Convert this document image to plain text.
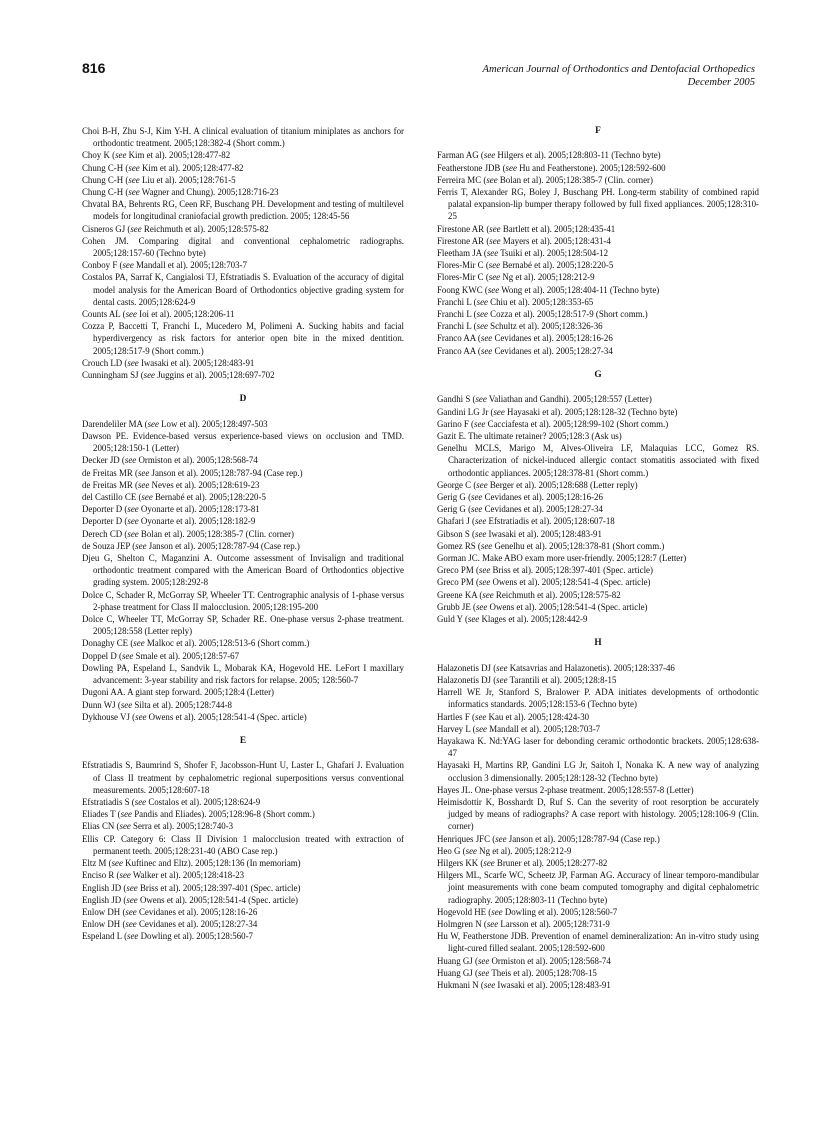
816	American Journal of Orthodontics and Dentofacial Orthopedics
December 2005

Choi B-H, Zhu S-J, Kim Y-H. A clinical evaluation of titanium miniplates as anchors for orthodontic treatment. 2005;128:382-4 (Short comm.)

Choy K (see Kim et al). 2005;128:477-82

Chung C-H (see Kim et al). 2005;128:477-82

Chung C-H (see Liu et al). 2005;128:761-5

Chung C-H (see Wagner and Chung). 2005;128:716-23

Chvatal BA, Behrents RG, Ceen RF, Buschang PH. Development and testing of multilevel models for longitudinal craniofacial growth prediction. 2005; 128:45-56

Cisneros GJ (see Reichmuth et al). 2005;128:575-82

Cohen JM. Comparing digital and conventional cephalometric radiographs. 2005;128:157-60 (Techno byte)

Conboy F (see Mandall et al). 2005;128:703-7

Costalos PA, Sarraf K, Cangialosi TJ, Efstratiadis S. Evaluation of the accuracy of digital model analysis for the American Board of Orthodontics objective grading system for dental casts. 2005;128:624-9

Counts AL (see Ioi et al). 2005;128:206-11

Cozza P, Baccetti T, Franchi L, Mucedero M, Polimeni A. Sucking habits and facial hyperdivergency as risk factors for anterior open bite in the mixed dentition. 2005;128:517-9 (Short comm.)

Crouch LD (see Iwasaki et al). 2005;128:483-91

Cunningham SJ (see Juggins et al). 2005;128:697-702

D

Darendeliler MA (see Low et al). 2005;128:497-503

Dawson PE. Evidence-based versus experience-based views on occlusion and TMD. 2005;128:150-1 (Letter)

Decker JD (see Ormiston et al). 2005;128:568-74

de Freitas MR (see Janson et al). 2005;128:787-94 (Case rep.)

de Freitas MR (see Neves et al). 2005;128:619-23

del Castillo CE (see Bernabé et al). 2005;128:220-5

Deporter D (see Oyonarte et al). 2005;128:173-81

Deporter D (see Oyonarte et al). 2005;128:182-9

Derech CD (see Bolan et al). 2005;128:385-7 (Clin. corner)

de Souza JEP (see Janson et al). 2005;128:787-94 (Case rep.)

Djeu G, Shelton C, Maganzini A. Outcome assessment of Invisalign and traditional orthodontic treatment compared with the American Board of Orthodontics objective grading system. 2005;128:292-8

Dolce C, Schader R, McGorray SP, Wheeler TT. Centrographic analysis of 1-phase versus 2-phase treatment for Class II malocclusion. 2005;128:195-200

Dolce C, Wheeler TT, McGorray SP, Schader RE. One-phase versus 2-phase treatment. 2005;128:558 (Letter reply)

Donaghy CE (see Malkoc et al). 2005;128:513-6 (Short comm.)

Doppel D (see Smale et al). 2005;128:57-67

Dowling PA, Espeland L, Sandvik L, Mobarak KA, Hogevold HE. LeFort I maxillary advancement: 3-year stability and risk factors for relapse. 2005; 128:560-7

Dugoni AA. A giant step forward. 2005;128:4 (Letter)

Dunn WJ (see Silta et al). 2005;128:744-8

Dykhouse VJ (see Owens et al). 2005;128:541-4 (Spec. article)

E

Efstratiadis S, Baumrind S, Shofer F, Jacobsson-Hunt U, Laster L, Ghafari J. Evaluation of Class II treatment by cephalometric regional superpositions versus conventional measurements. 2005;128:607-18

Efstratiadis S (see Costalos et al). 2005;128:624-9

Eliades T (see Pandis and Eliades). 2005;128:96-8 (Short comm.)

Elias CN (see Serra et al). 2005;128:740-3

Ellis CP. Category 6: Class II Division 1 malocclusion treated with extraction of permanent teeth. 2005;128:231-40 (ABO Case rep.)

Eltz M (see Kuftinec and Eltz). 2005;128:136 (In memoriam)

Enciso R (see Walker et al). 2005;128:418-23

English JD (see Briss et al). 2005;128:397-401 (Spec. article)

English JD (see Owens et al). 2005;128:541-4 (Spec. article)

Enlow DH (see Cevidanes et al). 2005;128:16-26

Enlow DH (see Cevidanes et al). 2005;128:27-34

Espeland L (see Dowling et al). 2005;128:560-7

F

Farman AG (see Hilgers et al). 2005;128:803-11 (Techno byte)

Featherstone JDB (see Hu and Featherstone). 2005;128:592-600

Ferreira MC (see Bolan et al). 2005;128:385-7 (Clin. corner)

Ferris T, Alexander RG, Boley J, Buschang PH. Long-term stability of combined rapid palatal expansion-lip bumper therapy followed by full fixed appliances. 2005;128:310-25

Firestone AR (see Bartlett et al). 2005;128:435-41

Firestone AR (see Mayers et al). 2005;128:431-4

Fleetham JA (see Tsuiki et al). 2005;128:504-12

Flores-Mir C (see Bernabé et al). 2005;128:220-5

Flores-Mir C (see Ng et al). 2005;128:212-9

Foong KWC (see Wong et al). 2005;128:404-11 (Techno byte)

Franchi L (see Chiu et al). 2005;128:353-65

Franchi L (see Cozza et al). 2005;128:517-9 (Short comm.)

Franchi L (see Schultz et al). 2005;128:326-36

Franco AA (see Cevidanes et al). 2005;128:16-26

Franco AA (see Cevidanes et al). 2005;128:27-34

G

Gandhi S (see Valiathan and Gandhi). 2005;128:557 (Letter)

Gandini LG Jr (see Hayasaki et al). 2005;128:128-32 (Techno byte)

Garino F (see Cacciafesta et al). 2005;128:99-102 (Short comm.)

Gazit E. The ultimate retainer? 2005;128:3 (Ask us)

Genelhu MCLS, Marigo M, Alves-Oliveira LF, Malaquias LCC, Gomez RS. Characterization of nickel-induced allergic contact stomatitis associated with fixed orthodontic appliances. 2005;128:378-81 (Short comm.)

George C (see Berger et al). 2005;128:688 (Letter reply)

Gerig G (see Cevidanes et al). 2005;128:16-26

Gerig G (see Cevidanes et al). 2005;128:27-34

Ghafari J (see Efstratiadis et al). 2005;128:607-18

Gibson S (see Iwasaki et al). 2005;128:483-91

Gomez RS (see Genelhu et al). 2005;128:378-81 (Short comm.)

Gorman JC. Make ABO exam more user-friendly. 2005;128:7 (Letter)

Greco PM (see Briss et al). 2005;128:397-401 (Spec. article)

Greco PM (see Owens et al). 2005;128:541-4 (Spec. article)

Greene KA (see Reichmuth et al). 2005;128:575-82

Grubb JE (see Owens et al). 2005;128:541-4 (Spec. article)

Guld Y (see Klages et al). 2005;128:442-9

H

Halazonetis DJ (see Katsavrias and Halazonetis). 2005;128:337-46

Halazonetis DJ (see Tarantili et al). 2005;128:8-15

Harrell WE Jr, Stanford S, Bralower P. ADA initiates developments of orthodontic informatics standards. 2005;128:153-6 (Techno byte)

Hartles F (see Kau et al). 2005;128:424-30

Harvey L (see Mandall et al). 2005;128:703-7

Hayakawa K. Nd:YAG laser for debonding ceramic orthodontic brackets. 2005;128:638-47

Hayasaki H, Martins RP, Gandini LG Jr, Saitoh I, Nonaka K. A new way of analyzing occlusion 3 dimensionally. 2005;128:128-32 (Techno byte)

Hayes JL. One-phase versus 2-phase treatment. 2005;128:557-8 (Letter)

Heimisdottir K, Bosshardt D, Ruf S. Can the severity of root resorption be accurately judged by means of radiographs? A case report with histology. 2005;128:106-9 (Clin. corner)

Henriques JFC (see Janson et al). 2005;128:787-94 (Case rep.)

Heo G (see Ng et al). 2005;128:212-9

Hilgers KK (see Bruner et al). 2005;128:277-82

Hilgers ML, Scarfe WC, Scheetz JP, Farman AG. Accuracy of linear temporo-mandibular joint measurements with cone beam computed tomography and digital cephalometric radiography. 2005;128:803-11 (Techno byte)

Hogevold HE (see Dowling et al). 2005;128:560-7

Holmgren N (see Larsson et al). 2005;128:731-9

Hu W, Featherstone JDB. Prevention of enamel demineralization: An in-vitro study using light-cured filled sealant. 2005;128:592-600

Huang GJ (see Ormiston et al). 2005;128:568-74

Huang GJ (see Theis et al). 2005;128:708-15

Hukmani N (see Iwasaki et al). 2005;128:483-91
